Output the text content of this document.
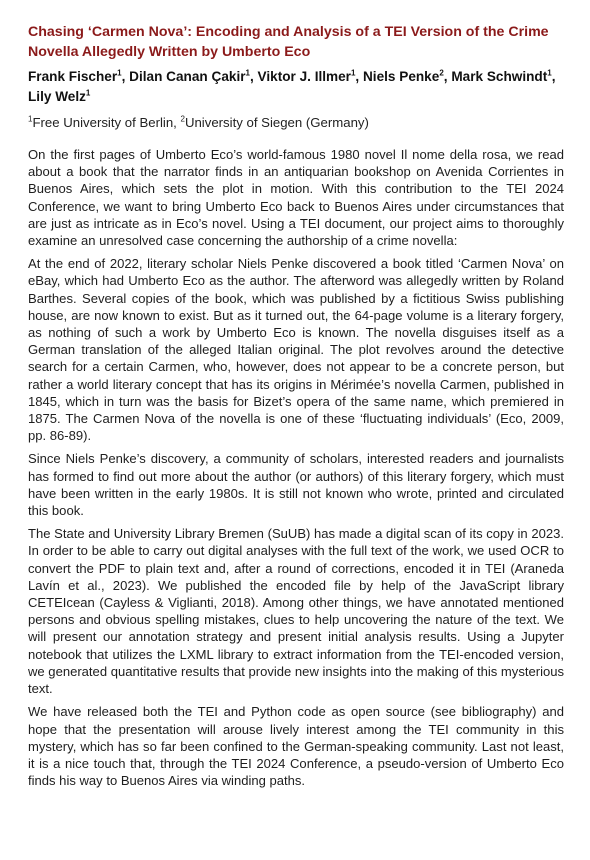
Chasing ‘Carmen Nova’: Encoding and Analysis of a TEI Version of the Crime Novella Allegedly Written by Umberto Eco
Frank Fischer$^1$, Dilan Canan Çakir$^1$, Viktor J. Illmer$^1$, Niels Penke$^2$, Mark Schwindt$^1$, Lily Welz$^1$
$^1$Free University of Berlin, $^2$University of Siegen (Germany)

On the first pages of Umberto Eco’s world-famous 1980 novel Il nome della rosa, we read about a book that the narrator finds in an antiquarian bookshop on Avenida Corrientes in Buenos Aires, which sets the plot in motion. With this contribution to the TEI 2024 Conference, we want to bring Umberto Eco back to Buenos Aires under circumstances that are just as intricate as in Eco’s novel. Using a TEI document, our project aims to thoroughly examine an unresolved case concerning the authorship of a crime novella:

At the end of 2022, literary scholar Niels Penke discovered a book titled ‘Carmen Nova’ on eBay, which had Umberto Eco as the author. The afterword was allegedly written by Roland Barthes. Several copies of the book, which was published by a fictitious Swiss publishing house, are now known to exist. But as it turned out, the 64-page volume is a literary forgery, as nothing of such a work by Umberto Eco is known. The novella disguises itself as a German translation of the alleged Italian original. The plot revolves around the detective search for a certain Carmen, who, however, does not appear to be a concrete person, but rather a world literary concept that has its origins in Mérimée’s novella Carmen, published in 1845, which in turn was the basis for Bizet’s opera of the same name, which premiered in 1875. The Carmen Nova of the novella is one of these ‘fluctuating individuals’ (Eco, 2009, pp. 86-89).

Since Niels Penke’s discovery, a community of scholars, interested readers and journalists has formed to find out more about the author (or authors) of this literary forgery, which must have been written in the early 1980s. It is still not known who wrote, printed and circulated this book.

The State and University Library Bremen (SuUB) has made a digital scan of its copy in 2023. In order to be able to carry out digital analyses with the full text of the work, we used OCR to convert the PDF to plain text and, after a round of corrections, encoded it in TEI (Araneda Lavín et al., 2023). We published the encoded file by help of the JavaScript library CETEIcean (Cayless & Viglianti, 2018). Among other things, we have annotated mentioned persons and obvious spelling mistakes, clues to help uncovering the nature of the text. We will present our annotation strategy and present initial analysis results. Using a Jupyter notebook that utilizes the LXML library to extract information from the TEI-encoded version, we generated quantitative results that provide new insights into the making of this mysterious text.

We have released both the TEI and Python code as open source (see bibliography) and hope that the presentation will arouse lively interest among the TEI community in this mystery, which has so far been confined to the German-speaking community. Last not least, it is a nice touch that, through the TEI 2024 Conference, a pseudo-version of Umberto Eco finds his way to Buenos Aires via winding paths.
